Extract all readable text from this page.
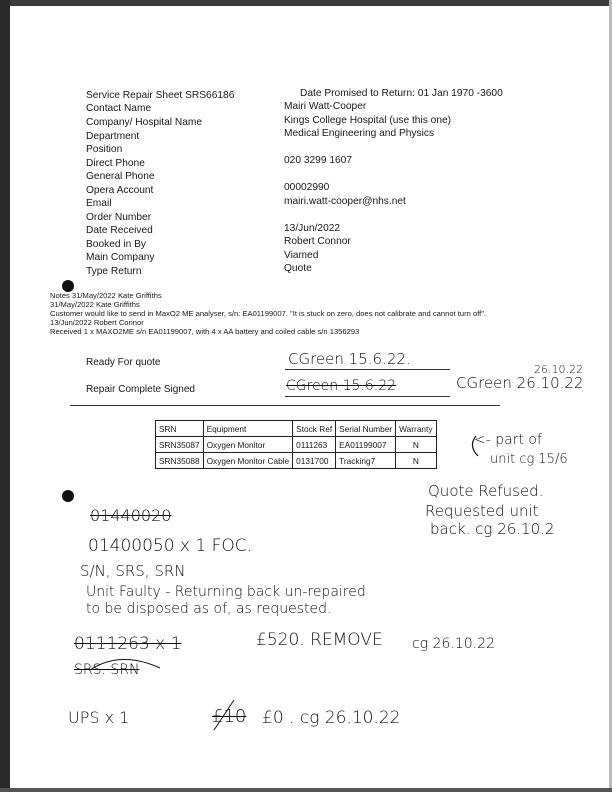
Service Repair Sheet SRS66186	Date Promised to Return: 01 Jan 1970 -3600
Contact Name	Mairi Watt-Cooper
Company/ Hospital Name	Kings College Hospital (use this one)
Department	Medical Engineering and Physics
Position
Direct Phone	020 3299 1607
General Phone
Opera Account	00002990
Email	mairi.watt-cooper@nhs.net
Order Number
Date Received	13/Jun/2022
Booked in By	Robert Connor
Main Company	Viamed
Type Return	Quote
Notes 31/May/2022 Kate Griffiths
31/May/2022 Kate Griffiths
Customer would like to send in MaxO2 ME analyser, s/n: EA01199007. "It is stuck on zero, does not calibrate and cannot turn off".
13/Jun/2022 Robert Connor
Received 1 x MAXO2ME s/n EA01199007, with 4 x AA battery and coiled cable s/n 1356293
Ready For quote
Repair Complete Signed
SRN	Equipment	Stock Ref	Serial Number	Warranty
SRN35087	Oxygen Monitor	0111263	EA01199007	N
SRN35088	Oxygen Monitor Cable	0131700	Tracking7	N
CGreen 15.6.22.
26.10.22
CGreen 15.6.22	CGreen 26.10.22
<- part of
unit cg 15/6
Quote Refused.
Requested unit
back. cg 26.10.2
01440020
01400050 x 1 FOC.
S/N, SRS, SRN
Unit Faulty - Returning back un-repaired
to be disposed as of, as requested.
0111263 x 1	£520. REMOVE cg 26.10.22
SRS. SRN
UPS x 1	£10 £0 . cg 26.10.22
